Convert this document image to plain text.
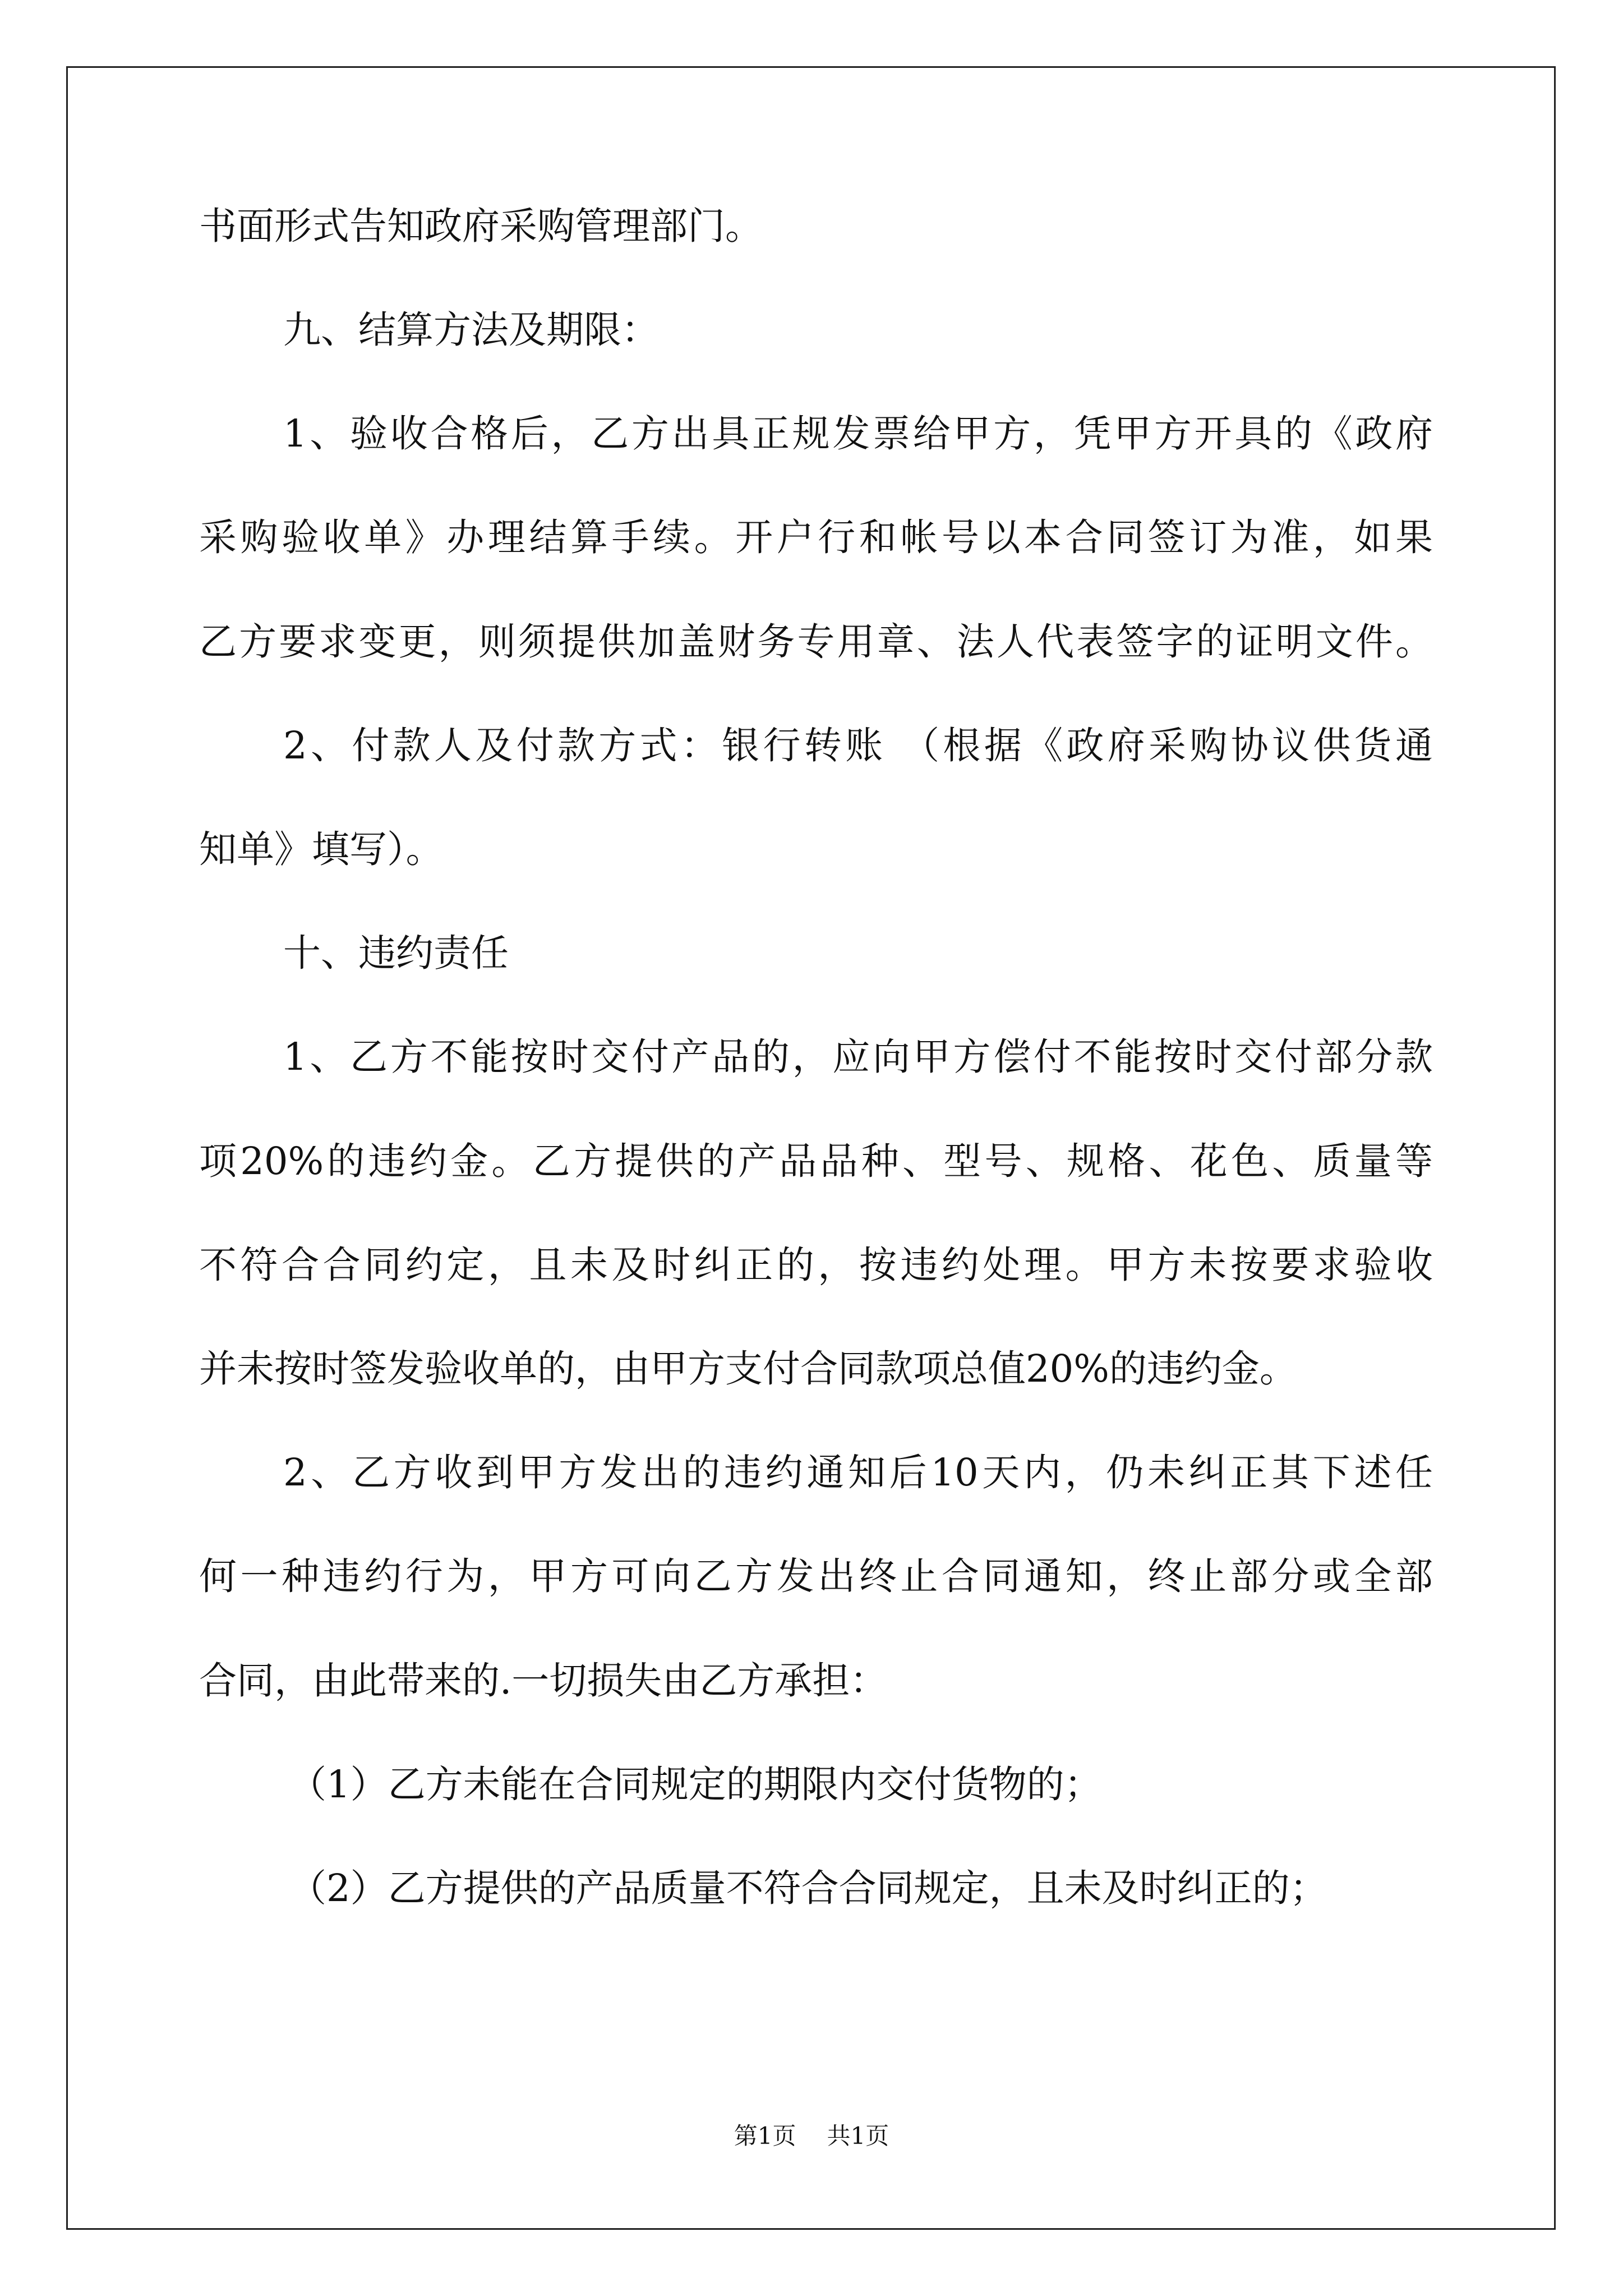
书面形式告知政府采购管理部门。

九、结算方法及期限：

1、验收合格后，乙方出具正规发票给甲方，凭甲方开具的《政府

采购验收单》办理结算手续。开户行和帐号以本合同签订为准，如果

乙方要求变更，则须提供加盖财务专用章、法人代表签字的证明文件。

2、付款人及付款方式：银行转账 （根据《政府采购协议供货通

知单》填写）。

十、违约责任

1、乙方不能按时交付产品的，应向甲方偿付不能按时交付部分款

项20%的违约金。乙方提供的产品品种、型号、规格、花色、质量等

不符合合同约定，且未及时纠正的，按违约处理。甲方未按要求验收

并未按时签发验收单的，由甲方支付合同款项总值20%的违约金。

2、乙方收到甲方发出的违约通知后10天内，仍未纠正其下述任

何一种违约行为，甲方可向乙方发出终止合同通知，终止部分或全部

合同，由此带来的.一切损失由乙方承担：

（1）乙方未能在合同规定的期限内交付货物的；

（2）乙方提供的产品质量不符合合同规定，且未及时纠正的；

第1页 共1页
